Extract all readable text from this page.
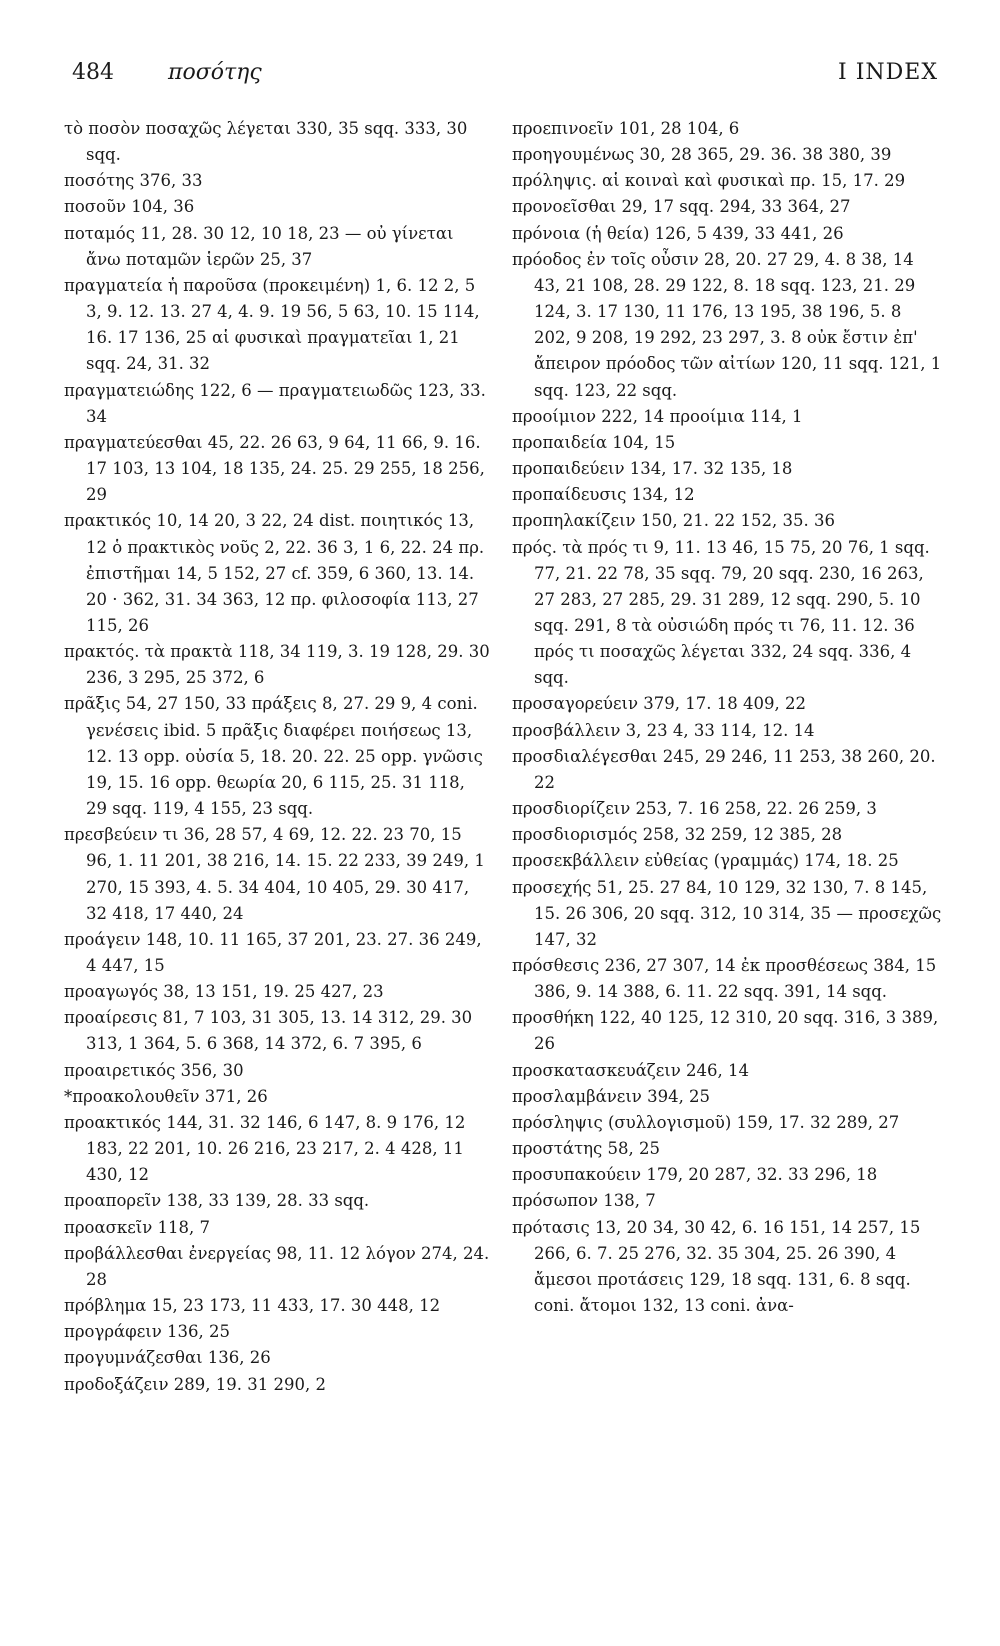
484 ποσότης	I INDEX

τὸ ποσὸν ποσαχῶς λέγεται 330, 35 sqq. 333, 30 sqq.

ποσότης 376, 33

ποσοῦν 104, 36

ποταμός 11, 28. 30 12, 10 18, 23 — οὐ γίνεται ἄνω ποταμῶν ἱερῶν 25, 37

πραγματεία ἡ παροῦσα (προκειμένη) 1, 6. 12 2, 5 3, 9. 12. 13. 27 4, 4. 9. 19 56, 5 63, 10. 15 114, 16. 17 136, 25 αἱ φυσικαὶ πραγματεῖαι 1, 21 sqq. 24, 31. 32

πραγματειώδης 122, 6 — πραγματειωδῶς 123, 33. 34

πραγματεύεσθαι 45, 22. 26 63, 9 64, 11 66, 9. 16. 17 103, 13 104, 18 135, 24. 25. 29 255, 18 256, 29

πρακτικός 10, 14 20, 3 22, 24 dist. ποιητικός 13, 12 ὁ πρακτικὸς νοῦς 2, 22. 36 3, 1 6, 22. 24 πρ. ἐπιστῆμαι 14, 5 152, 27 cf. 359, 6 360, 13. 14. 20 · 362, 31. 34 363, 12 πρ. φιλοσοφία 113, 27 115, 26

πρακτός. τὰ πρακτὰ 118, 34 119, 3. 19 128, 29. 30 236, 3 295, 25 372, 6

πρᾶξις 54, 27 150, 33 πράξεις 8, 27. 29 9, 4 coni. γενέσεις ibid. 5 πρᾶξις διαφέρει ποιήσεως 13, 12. 13 opp. οὐσία 5, 18. 20. 22. 25 opp. γνῶσις 19, 15. 16 opp. θεωρία 20, 6 115, 25. 31 118, 29 sqq. 119, 4 155, 23 sqq.

πρεσβεύειν τι 36, 28 57, 4 69, 12. 22. 23 70, 15 96, 1. 11 201, 38 216, 14. 15. 22 233, 39 249, 1 270, 15 393, 4. 5. 34 404, 10 405, 29. 30 417, 32 418, 17 440, 24

προάγειν 148, 10. 11 165, 37 201, 23. 27. 36 249, 4 447, 15

προαγωγός 38, 13 151, 19. 25 427, 23

προαίρεσις 81, 7 103, 31 305, 13. 14 312, 29. 30 313, 1 364, 5. 6 368, 14 372, 6. 7 395, 6

προαιρετικός 356, 30

*προακολουθεῖν 371, 26

προακτικός 144, 31. 32 146, 6 147, 8. 9 176, 12 183, 22 201, 10. 26 216, 23 217, 2. 4 428, 11 430, 12

προαπορεῖν 138, 33 139, 28. 33 sqq.

προασκεῖν 118, 7

προβάλλεσθαι ἐνεργείας 98, 11. 12 λόγον 274, 24. 28

πρόβλημα 15, 23 173, 11 433, 17. 30 448, 12

προγράφειν 136, 25

προγυμνάζεσθαι 136, 26

προδοξάζειν 289, 19. 31 290, 2

προεπινοεῖν 101, 28 104, 6

προηγουμένως 30, 28 365, 29. 36. 38 380, 39

πρόληψις. αἱ κοιναὶ καὶ φυσικαὶ πρ. 15, 17. 29

προνοεῖσθαι 29, 17 sqq. 294, 33 364, 27

πρόνοια (ἡ θεία) 126, 5 439, 33 441, 26

πρόοδος ἐν τοῖς οὖσιν 28, 20. 27 29, 4. 8 38, 14 43, 21 108, 28. 29 122, 8. 18 sqq. 123, 21. 29 124, 3. 17 130, 11 176, 13 195, 38 196, 5. 8 202, 9 208, 19 292, 23 297, 3. 8 οὐκ ἔστιν ἐπ' ἄπειρον πρόοδος τῶν αἰτίων 120, 11 sqq. 121, 1 sqq. 123, 22 sqq.

προοίμιον 222, 14 προοίμια 114, 1

προπαιδεία 104, 15

προπαιδεύειν 134, 17. 32 135, 18

προπαίδευσις 134, 12

προπηλακίζειν 150, 21. 22 152, 35. 36

πρός. τὰ πρός τι 9, 11. 13 46, 15 75, 20 76, 1 sqq. 77, 21. 22 78, 35 sqq. 79, 20 sqq. 230, 16 263, 27 283, 27 285, 29. 31 289, 12 sqq. 290, 5. 10 sqq. 291, 8 τὰ οὐσιώδη πρός τι 76, 11. 12. 36 πρός τι ποσαχῶς λέγεται 332, 24 sqq. 336, 4 sqq.

προσαγορεύειν 379, 17. 18 409, 22

προσβάλλειν 3, 23 4, 33 114, 12. 14

προσδιαλέγεσθαι 245, 29 246, 11 253, 38 260, 20. 22

προσδιορίζειν 253, 7. 16 258, 22. 26 259, 3

προσδιορισμός 258, 32 259, 12 385, 28

προσεκβάλλειν εὐθείας (γραμμάς) 174, 18. 25

προσεχής 51, 25. 27 84, 10 129, 32 130, 7. 8 145, 15. 26 306, 20 sqq. 312, 10 314, 35 — προσεχῶς 147, 32

πρόσθεσις 236, 27 307, 14 ἐκ προσθέσεως 384, 15 386, 9. 14 388, 6. 11. 22 sqq. 391, 14 sqq.

προσθήκη 122, 40 125, 12 310, 20 sqq. 316, 3 389, 26

προσκατασκευάζειν 246, 14

προσλαμβάνειν 394, 25

πρόσληψις (συλλογισμοῦ) 159, 17. 32 289, 27

προστάτης 58, 25

προσυπακούειν 179, 20 287, 32. 33 296, 18

πρόσωπον 138, 7

πρότασις 13, 20 34, 30 42, 6. 16 151, 14 257, 15 266, 6. 7. 25 276, 32. 35 304, 25. 26 390, 4 ἄμεσοι προτάσεις 129, 18 sqq. 131, 6. 8 sqq. coni. ἄτομοι 132, 13 coni. ἀνα-
